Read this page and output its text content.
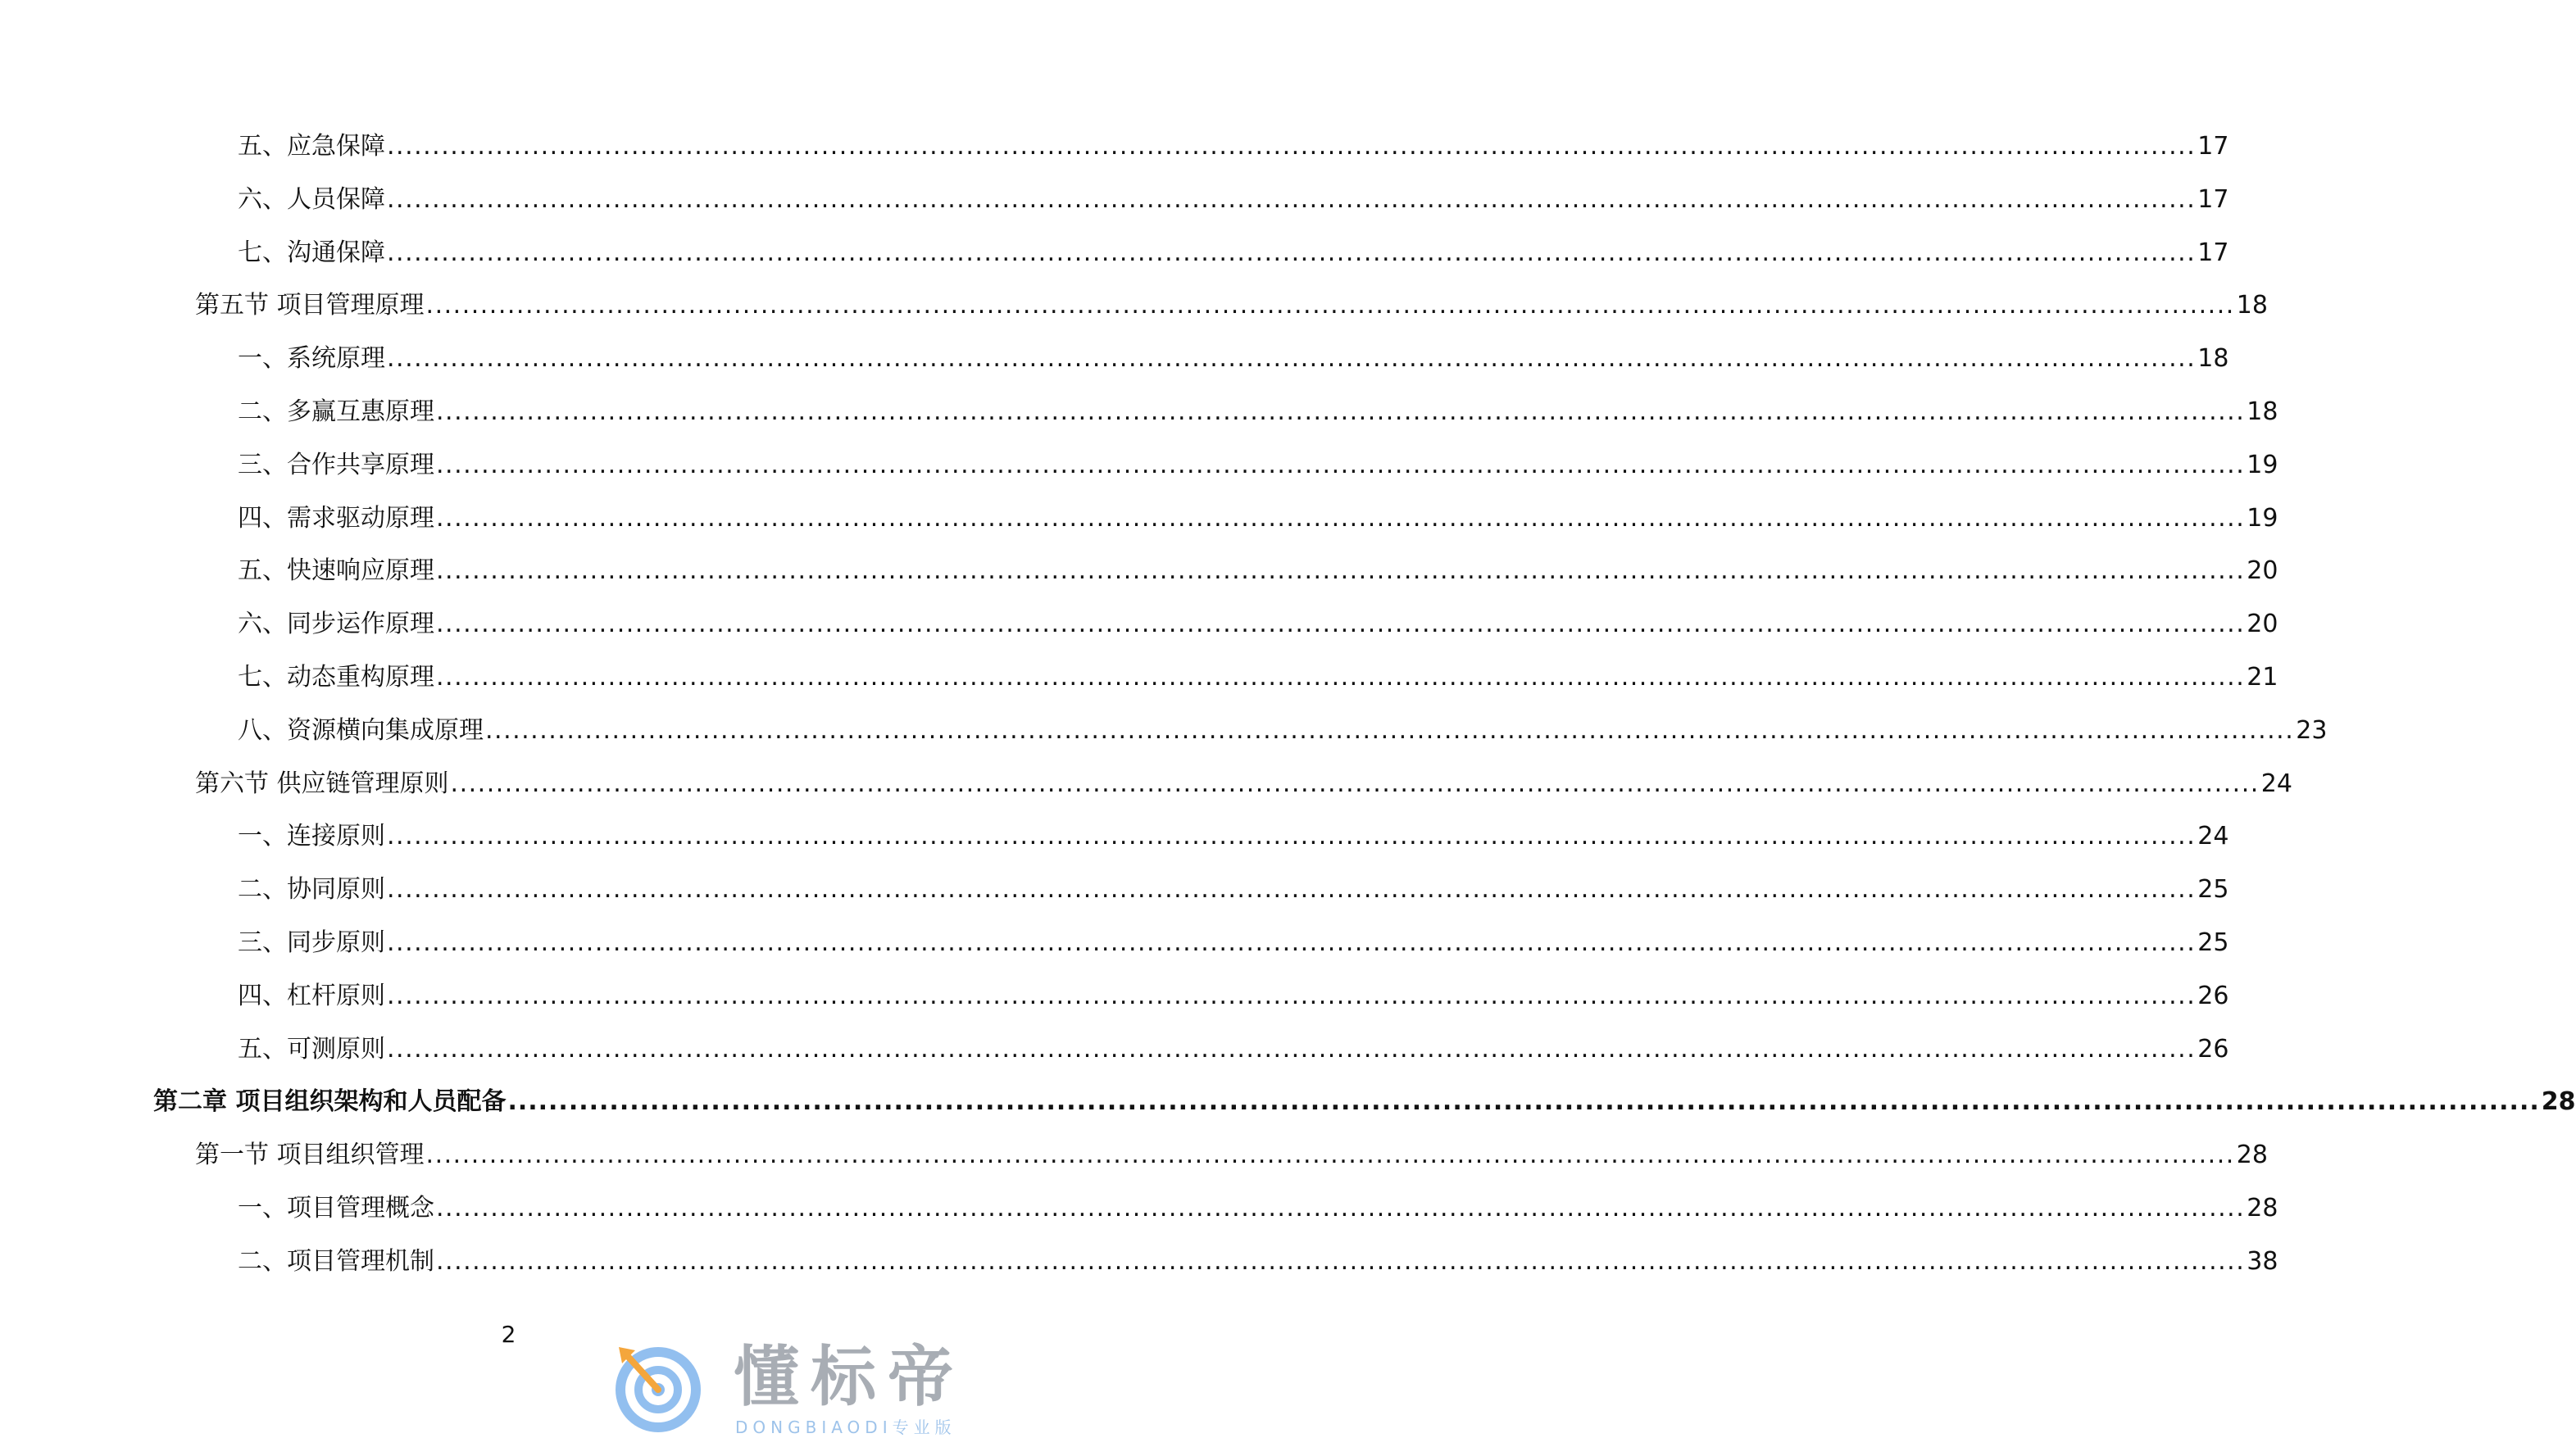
五、应急保障 ........................................................................................................................................................................................................ 17
六、人员保障 ........................................................................................................................................................................................................ 17
七、沟通保障 ........................................................................................................................................................................................................ 17
第五节 项目管理原理 ........................................................................................................................................................................................................ 18
一、系统原理 ........................................................................................................................................................................................................ 18
二、多赢互惠原理 ........................................................................................................................................................................................................ 18
三、合作共享原理 ........................................................................................................................................................................................................ 19
四、需求驱动原理 ........................................................................................................................................................................................................ 19
五、快速响应原理 ........................................................................................................................................................................................................ 20
六、同步运作原理 ........................................................................................................................................................................................................ 20
七、动态重构原理 ........................................................................................................................................................................................................ 21
八、资源横向集成原理 ........................................................................................................................................................................................................ 23
第六节 供应链管理原则 ........................................................................................................................................................................................................ 24
一、连接原则 ........................................................................................................................................................................................................ 24
二、协同原则 ........................................................................................................................................................................................................ 25
三、同步原则 ........................................................................................................................................................................................................ 25
四、杠杆原则 ........................................................................................................................................................................................................ 26
五、可测原则 ........................................................................................................................................................................................................ 26
第二章 项目组织架构和人员配备 ........................................................................................................................................................................................................ 28
第一节 项目组织管理 ........................................................................................................................................................................................................ 28
一、项目管理概念 ........................................................................................................................................................................................................ 28
二、项目管理机制 ........................................................................................................................................................................................................ 38
2
懂标帝
DONGBIAODI专业版
